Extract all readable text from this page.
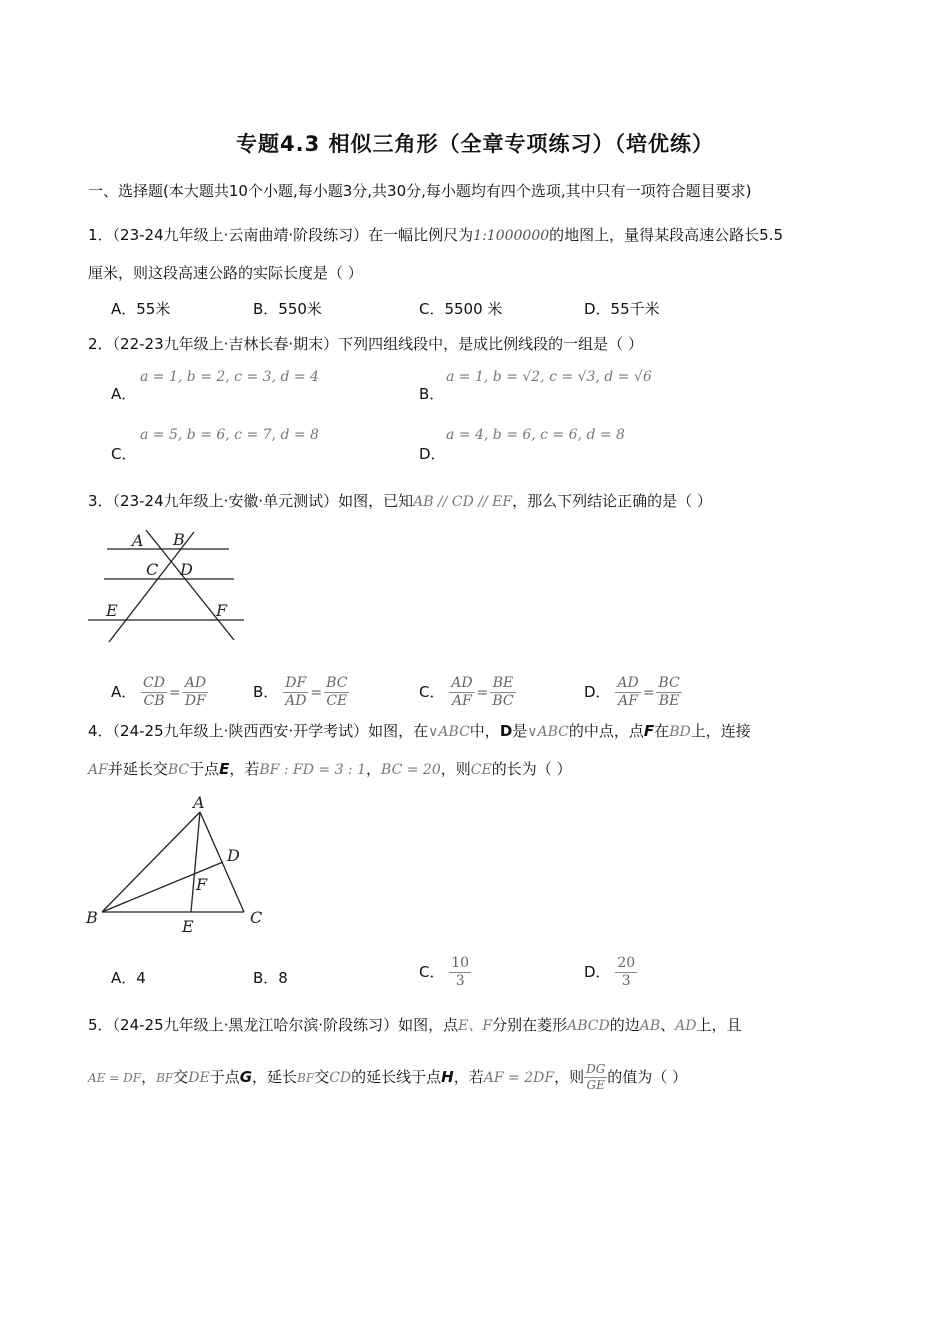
专题4.3 相似三角形（全章专项练习）（培优练）
一、选择题(本大题共10个小题,每小题3分,共30分,每小题均有四个选项,其中只有一项符合题目要求)
1．（23-24九年级上·云南曲靖·阶段练习）在一幅比例尺为1:1000000的地图上，量得某段高速公路长5.5
厘米，则这段高速公路的实际长度是（ ）
A．55米	B．550米	C．5500 米	D．55千米
2．（22-23九年级上·吉林长春·期末）下列四组线段中，是成比例线段的一组是（ ）
A．
a = 1, b = 2, c = 3, d = 4
B．
a = 1, b = √2, c = √3, d = √6
C．
a = 5, b = 6, c = 7, d = 8
D．
a = 4, b = 6, c = 6, d = 8
3．（23-24九年级上·安徽·单元测试）如图，已知AB // CD // EF，那么下列结论正确的是（ ）
A B
C D
E	F
A． $\frac{CD}{CB} = \frac{AD}{DF}$	B． $\frac{DF}{AD} = \frac{BC}{CE}$	C． $\frac{AD}{AF} = \frac{BE}{BC}$	D． $\frac{AD}{AF} = \frac{BC}{BE}$
4．（24-25九年级上·陕西西安·开学考试）如图，在∨ABC中，D是∨ABC的中点，点F在BD上，连接
AF并延长交BC于点E，若BF : FD = 3 : 1，BC = 20，则CE的长为（ ）
A
D
F
B	E	C
A．4	B．8	C． $\frac{10}{3}$	D． $\frac{20}{3}$
5．（24-25九年级上·黑龙江哈尔滨·阶段练习）如图，点E、F分别在菱形ABCD的边AB、AD上，且
AE = DF，BF交DE于点G，延长BF交CD的延长线于点H，若AF = 2DF，则 $\frac{DG}{GE}$ 的值为（ ）
